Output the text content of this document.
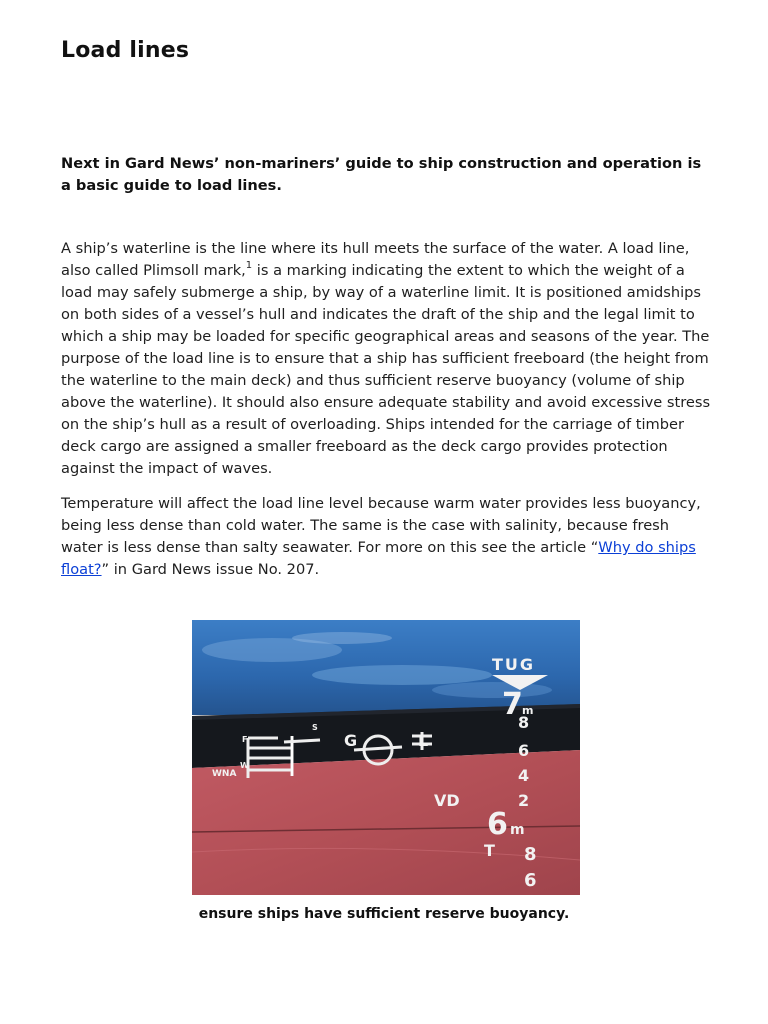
Load lines

Next in Gard News’ non-mariners’ guide to ship construction and operation is a basic guide to load lines.

A ship’s waterline is the line where its hull meets the surface of the water. A load line, also called Plimsoll mark,$^1$ is a marking indicating the extent to which the weight of a load may safely submerge a ship, by way of a waterline limit. It is positioned amidships on both sides of a vessel’s hull and indicates the draft of the ship and the legal limit to which a ship may be loaded for specific geographical areas and seasons of the year. The purpose of the load line is to ensure that a ship has sufficient freeboard (the height from the waterline to the main deck) and thus sufficient reserve buoyancy (volume of ship above the waterline). It should also ensure adequate stability and avoid excessive stress on the ship’s hull as a result of overloading. Ships intended for the carriage of timber deck cargo are assigned a smaller freeboard as the deck cargo provides protection against the impact of waves.

Temperature will affect the load line level because warm water provides less buoyancy, being less dense than cold water. The same is the case with salinity, because fresh water is less dense than salty seawater. For more on this see the article “Why do ships float?” in Gard News issue No. 207.

G	L
S
F
W
WNA
VD
T
TUG
7 m
8
6
4
2
6 m
8
6

ensure ships have sufficient reserve buoyancy.
